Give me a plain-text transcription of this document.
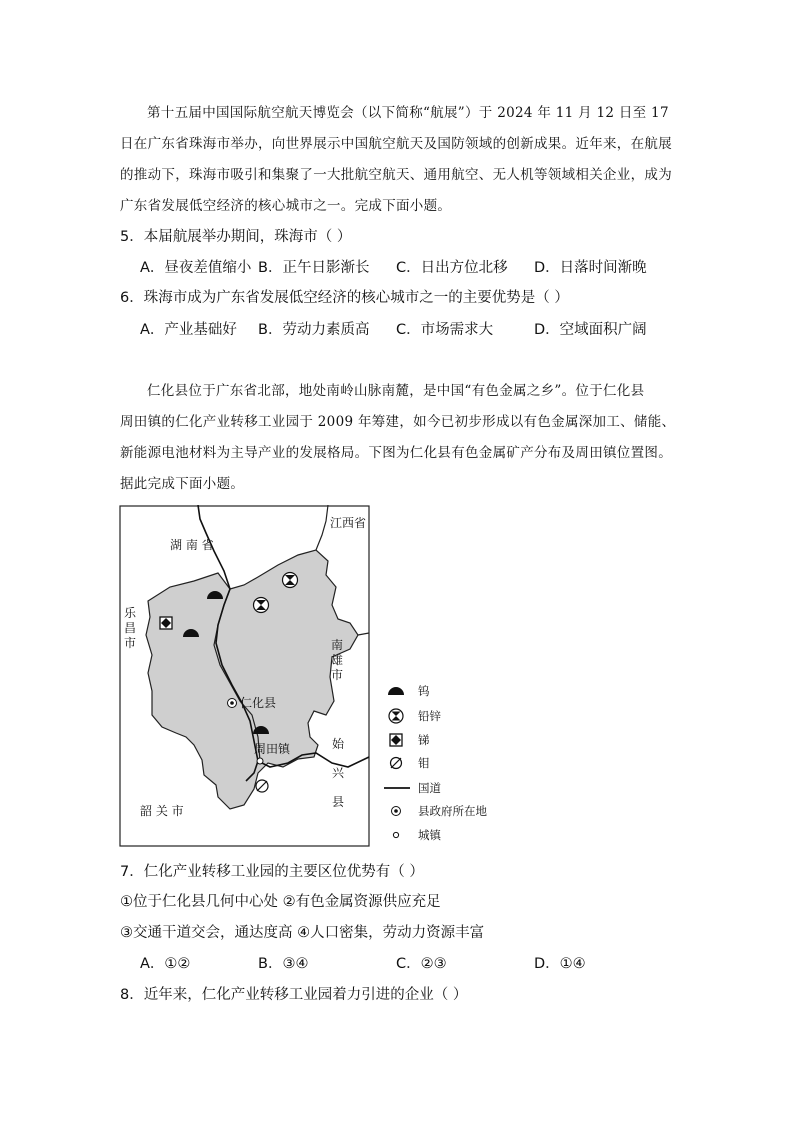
第十五届中国国际航空航天博览会（以下简称“航展”）于 2024 年 11 月 12 日至 17
日在广东省珠海市举办，向世界展示中国航空航天及国防领域的创新成果。近年来，在航展
的推动下，珠海市吸引和集聚了一大批航空航天、通用航空、无人机等领域相关企业，成为
广东省发展低空经济的核心城市之一。完成下面小题。
5．本届航展举办期间，珠海市（ ）
A．昼夜差值缩小 B．正午日影渐长 C．日出方位北移 D．日落时间渐晚
6．珠海市成为广东省发展低空经济的核心城市之一的主要优势是（ ）
A．产业基础好 B．劳动力素质高 C．市场需求大	D．空域面积广阔
仁化县位于广东省北部，地处南岭山脉南麓，是中国“有色金属之乡”。位于仁化县
周田镇的仁化产业转移工业园于 2009 年筹建，如今已初步形成以有色金属深加工、储能、
新能源电池材料为主导产业的发展格局。下图为仁化县有色金属矿产分布及周田镇位置图。
据此完成下面小题。
湖 南 省
江西省
乐
昌
市	南
雄
市
仁化县
周田镇	始
兴
县
韶 关 市
钨
铅锌
锑
钼
国道
县政府所在地
城镇
7．仁化产业转移工业园的主要区位优势有（ ）
①位于仁化县几何中心处 ②有色金属资源供应充足
③交通干道交会，通达度高 ④人口密集，劳动力资源丰富
A．①②	B．③④	C．②③	D．①④
8．近年来，仁化产业转移工业园着力引进的企业（ ）
